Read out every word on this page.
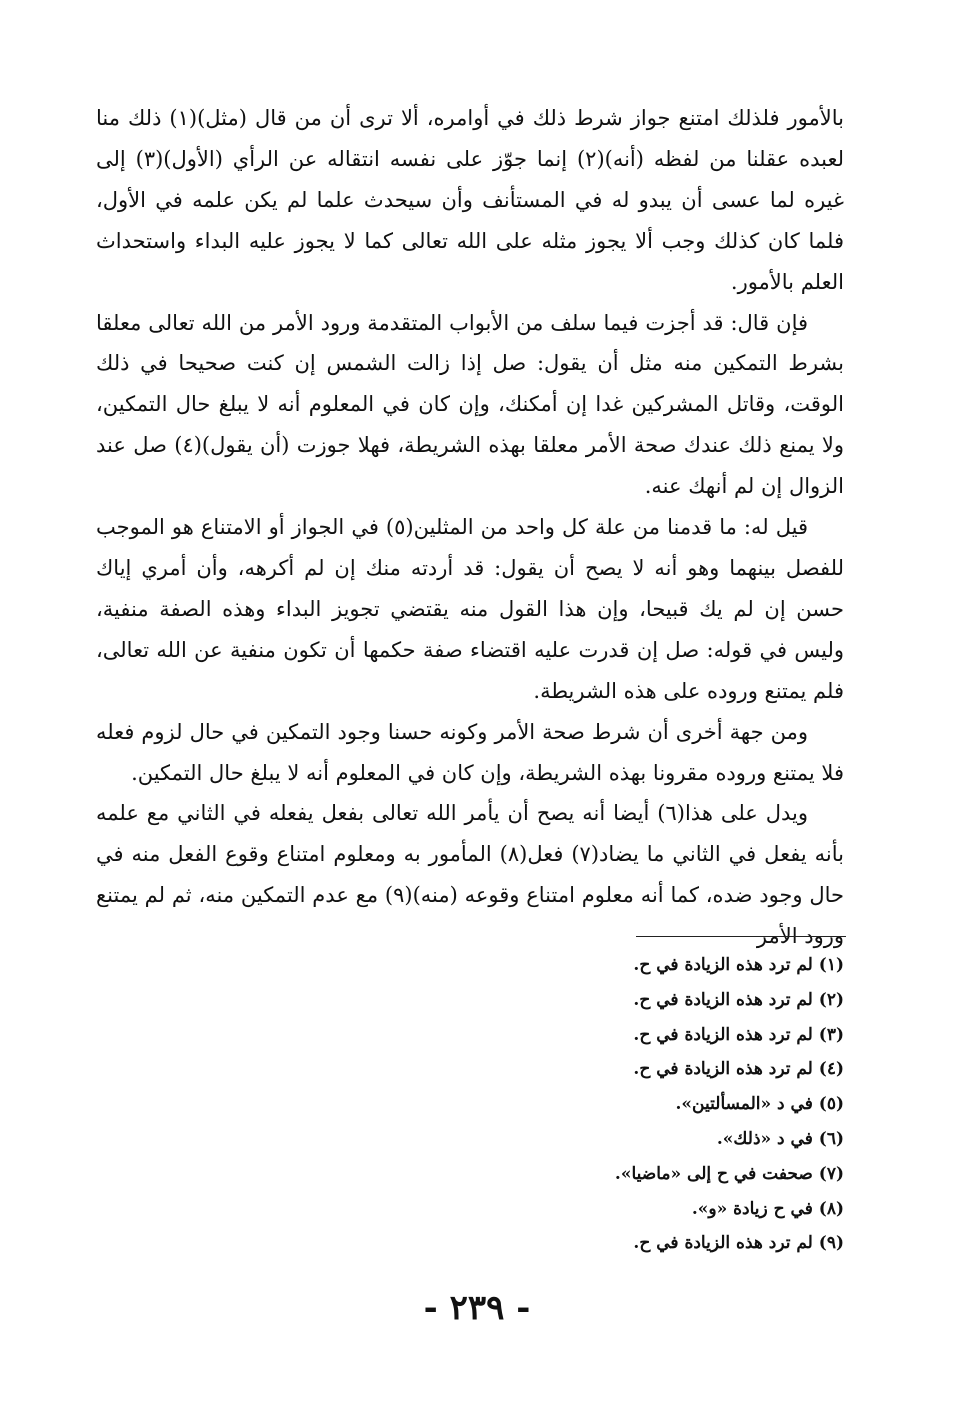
بالأمور فلذلك امتنع جواز شرط ذلك في أوامره، ألا ترى أن من قال (مثل)(١) ذلك منا لعبده عقلنا من لفظه (أنه)(٢) إنما جوّز على نفسه انتقاله عن الرأي (الأول)(٣) إلى غيره لما عسى أن يبدو له في المستأنف وأن سيحدث علما لم يكن علمه في الأول، فلما كان كذلك وجب ألا يجوز مثله على الله تعالى كما لا يجوز عليه البداء واستحداث العلم بالأمور.

فإن قال: قد أجزت فيما سلف من الأبواب المتقدمة ورود الأمر من الله تعالى معلقا بشرط التمكين منه مثل أن يقول: صل إذا زالت الشمس إن كنت صحيحا في ذلك الوقت، وقاتل المشركين غدا إن أمكنك، وإن كان في المعلوم أنه لا يبلغ حال التمكين، ولا يمنع ذلك عندك صحة الأمر معلقا بهذه الشريطة، فهلا جوزت (أن يقول)(٤) صل عند الزوال إن لم أنهك عنه.

قيل له: ما قدمنا من علة كل واحد من المثلين(٥) في الجواز أو الامتناع هو الموجب للفصل بينهما وهو أنه لا يصح أن يقول: قد أردته منك إن لم أكرهه، وأن أمري إياك حسن إن لم يك قبيحا، وإن هذا القول منه يقتضي تجويز البداء وهذه الصفة منفية، وليس في قوله: صل إن قدرت عليه اقتضاء صفة حكمها أن تكون منفية عن الله تعالى، فلم يمتنع وروده على هذه الشريطة.

ومن جهة أخرى أن شرط صحة الأمر وكونه حسنا وجود التمكين في حال لزوم فعله فلا يمتنع وروده مقرونا بهذه الشريطة، وإن كان في المعلوم أنه لا يبلغ حال التمكين.

ويدل على هذا(٦) أيضا أنه يصح أن يأمر الله تعالى بفعل يفعله في الثاني مع علمه بأنه يفعل في الثاني ما يضاد(٧) فعل(٨) المأمور به ومعلوم امتناع وقوع الفعل منه في حال وجود ضده، كما أنه معلوم امتناع وقوعه (منه)(٩) مع عدم التمكين منه، ثم لم يمتنع ورود الأمر

(١) لم ترد هذه الزيادة في ح.

(٢) لم ترد هذه الزيادة في ح.

(٣) لم ترد هذه الزيادة في ح.

(٤) لم ترد هذه الزيادة في ح.

(٥) في د «المسألتين».

(٦) في د «ذلك».

(٧) صحفت في ح إلى «ماضيا».

(٨) في ح زيادة «و».

(٩) لم ترد هذه الزيادة في ح.

- ٢٣٩ -
